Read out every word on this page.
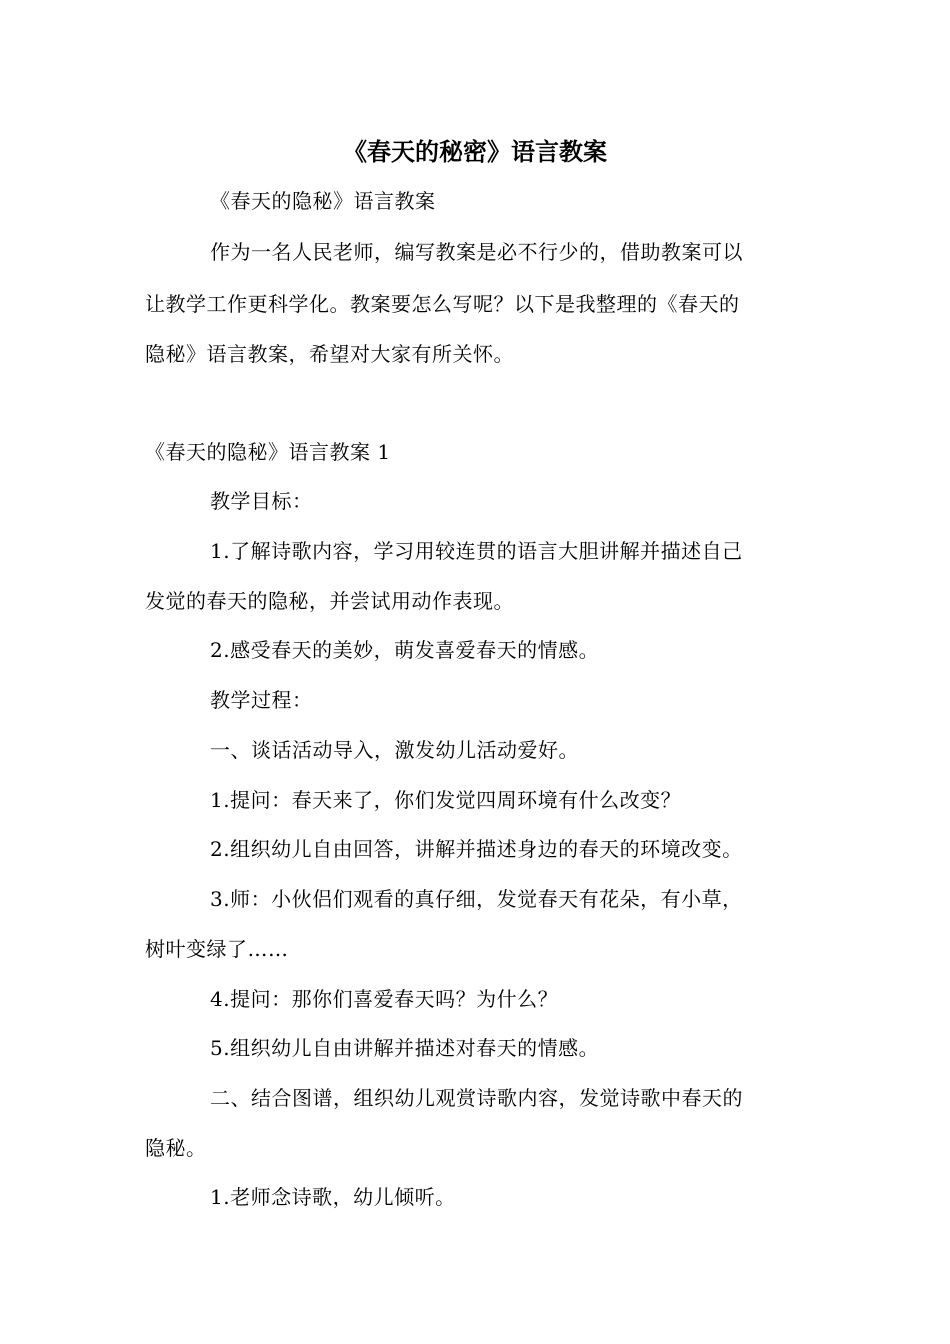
《春天的秘密》语言教案
《春天的隐秘》语言教案
作为一名人民老师，编写教案是必不行少的，借助教案可以
让教学工作更科学化。教案要怎么写呢？以下是我整理的《春天的
隐秘》语言教案，希望对大家有所关怀。
《春天的隐秘》语言教案 1
教学目标：
1.了解诗歌内容，学习用较连贯的语言大胆讲解并描述自己
发觉的春天的隐秘，并尝试用动作表现。
2.感受春天的美妙，萌发喜爱春天的情感。
教学过程：
一、谈话活动导入，激发幼儿活动爱好。
1.提问：春天来了，你们发觉四周环境有什么改变？
2.组织幼儿自由回答，讲解并描述身边的春天的环境改变。
3.师：小伙侣们观看的真仔细，发觉春天有花朵，有小草，
树叶变绿了……
4.提问：那你们喜爱春天吗？为什么？
5.组织幼儿自由讲解并描述对春天的情感。
二、结合图谱，组织幼儿观赏诗歌内容，发觉诗歌中春天的
隐秘。
1.老师念诗歌，幼儿倾听。
